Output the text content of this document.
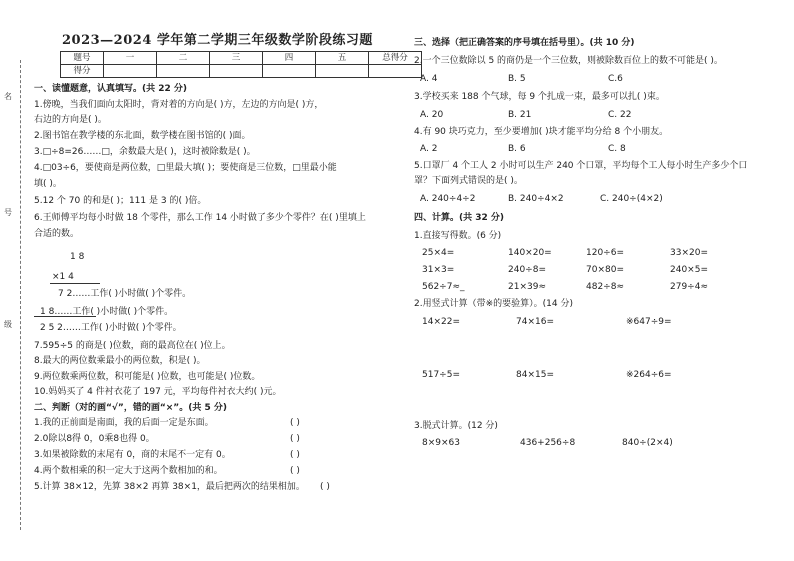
2023—2024 学年第二学期三年级数学阶段练习题
题号	一	二	三	四	五	总得分
得分						
名
号
级
一、读懂题意，认真填写。(共 22 分)
1.傍晚，当我们面向太阳时，背对着的方向是( )方，左边的方向是( )方，
右边的方向是( )。
2.图书馆在教学楼的东北面，数学楼在图书馆的( )面。
3.□÷8=26……□，余数最大是( )，这时被除数是( )。
4.□03÷6，要使商是两位数，□里最大填( )；要使商是三位数，□里最小能
填( )。
5.12 个 70 的和是( )；111 是 3 的( )倍。
6.王师傅平均每小时做 18 个零件，那么工作 14 小时做了多少个零件？在( )里填上
合适的数。
1 8
×1 4
7 2……工作( )小时做( )个零件。
1 8……工作( )小时做( )个零件。
2 5 2……工作( )小时做( )个零件。
7.595÷5 的商是( )位数，商的最高位在( )位上。
8.最大的两位数乘最小的两位数，积是( )。
9.两位数乘两位数，积可能是( )位数，也可能是( )位数。
10.妈妈买了 4 件衬衣花了 197 元，平均每件衬衣大约( )元。
二、判断（对的画“√”，错的画“×”。(共 5 分)
1.我的正前面是南面，我的后面一定是东面。	( )
2.0除以8得 0，0乘8也得 0。	( )
3.如果被除数的末尾有 0，商的末尾不一定有 0。	( )
4.两个数相乘的积一定大于这两个数相加的和。	( )
5.计算 38×12，先算 38×2 再算 38×1，最后把两次的结果相加。 ( )
三、选择（把正确答案的序号填在括号里）。(共 10 分)
2.一个三位数除以 5 的商仍是一个三位数，则被除数百位上的数不可能是( )。
A. 4	B. 5	C.6
3.学校买来 188 个气球，每 9 个扎成一束，最多可以扎( )束。
A. 20	B. 21	C. 22
4.有 90 块巧克力，至少要增加( )块才能平均分给 8 个小朋友。
A. 2	B. 6	C. 8
5.口罩厂 4 个工人 2 小时可以生产 240 个口罩，平均每个工人每小时生产多少个口
罩？下面列式错误的是( )。
A. 240÷4÷2	B. 240÷4×2	C. 240÷(4×2)
四、计算。(共 32 分)
1.直接写得数。(6 分)
25×4=	140×20=	120÷6=	33×20=
31×3=	240÷8=	70×80=	240×5=
562÷7≈_	21×39≈	482÷8≈	279÷4≈
2.用竖式计算（带※的要验算）。(14 分)
14×22=	74×16=	※647÷9=
517÷5=	84×15=	※264÷6=
3.脱式计算。(12 分)
8×9×63	436+256÷8	840÷(2×4)
